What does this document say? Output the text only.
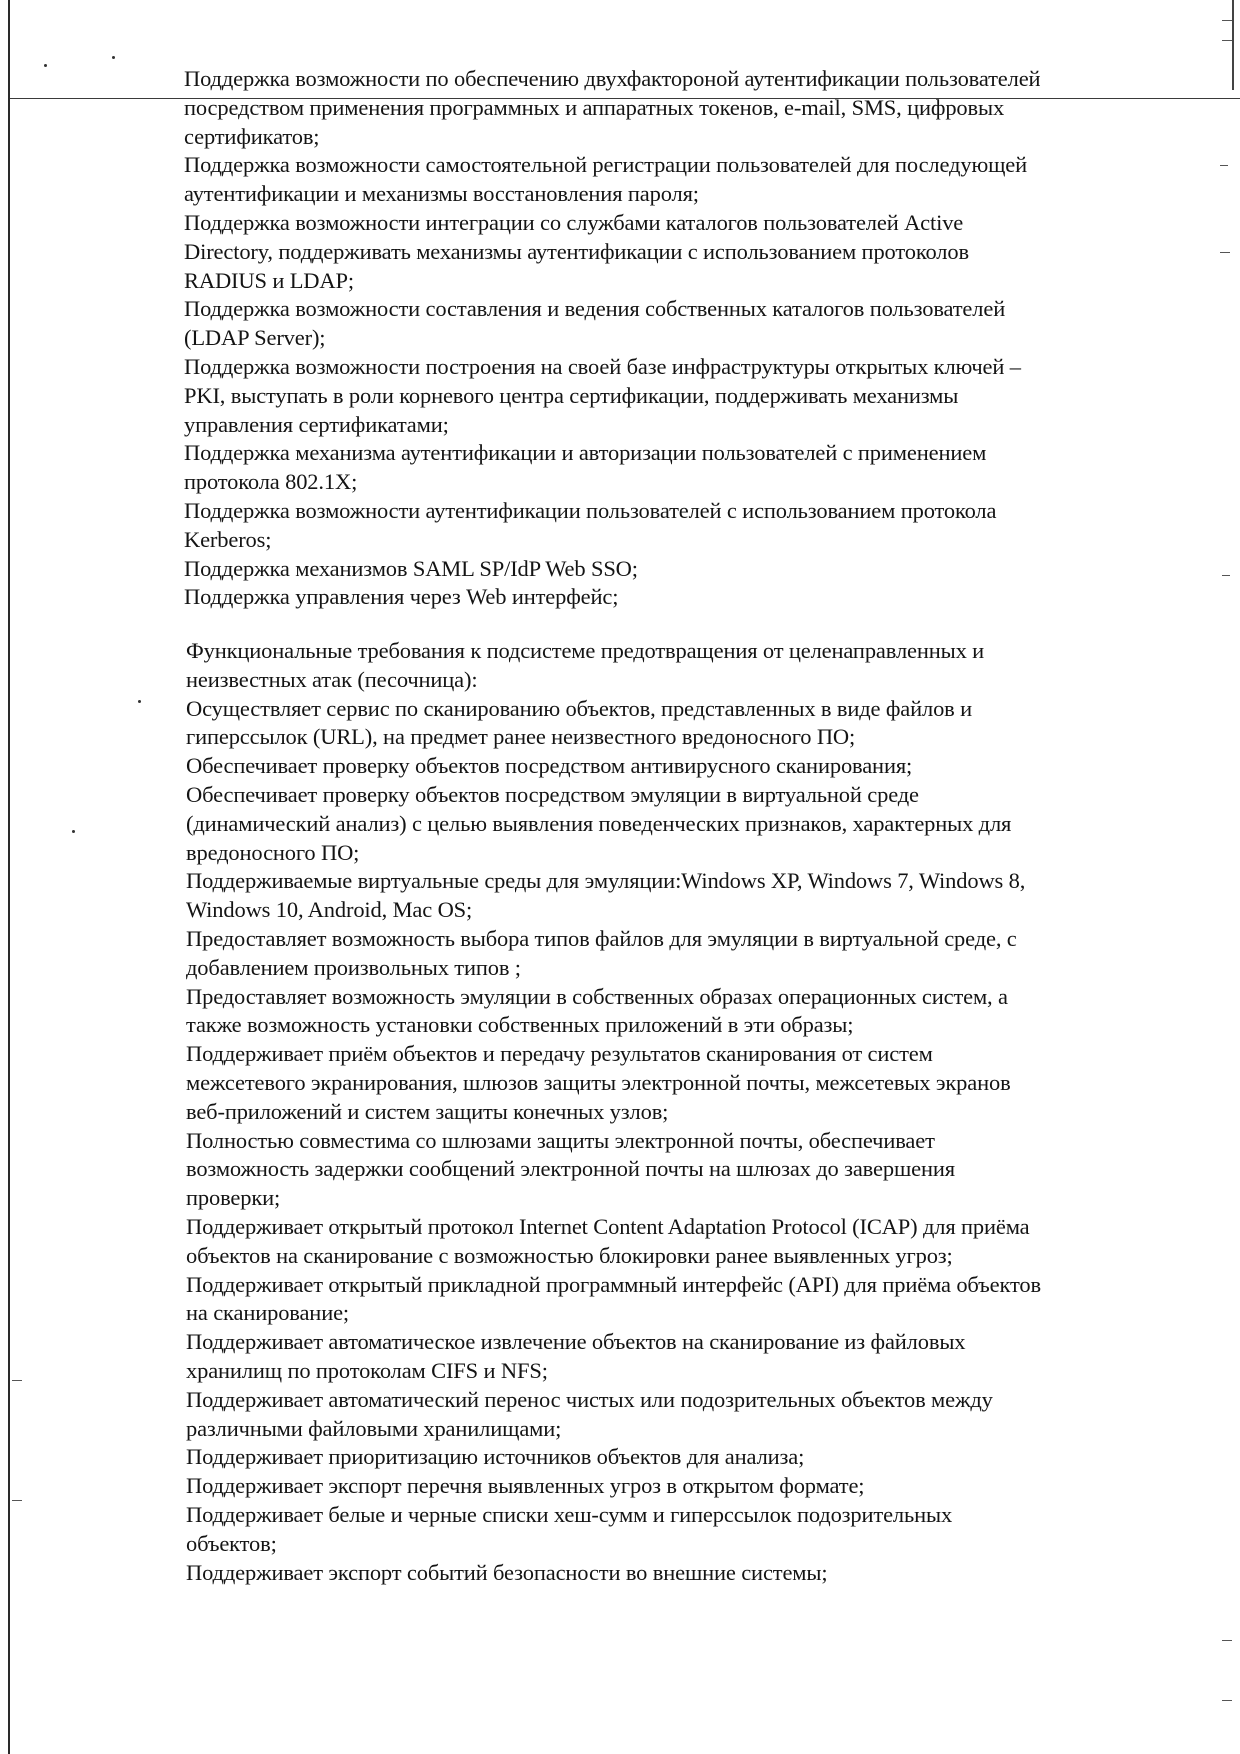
Поддержка возможности по обеспечению двухфактороной аутентификации пользователей
посредством применения программных и аппаратных токенов, e-mail, SMS, цифровых
сертификатов;
Поддержка возможности самостоятельной регистрации пользователей для последующей
аутентификации и механизмы восстановления пароля;
Поддержка возможности интеграции со службами каталогов пользователей Active
Directory, поддерживать механизмы аутентификации с использованием протоколов
RADIUS и LDAP;
Поддержка возможности составления и ведения собственных каталогов пользователей
(LDAP Server);
Поддержка возможности построения на своей базе инфраструктуры открытых ключей –
PKI, выступать в роли корневого центра сертификации, поддерживать механизмы
управления сертификатами;
Поддержка механизма аутентификации и авторизации пользователей с применением
протокола 802.1X;
Поддержка возможности аутентификации пользователей с использованием протокола
Kerberos;
Поддержка механизмов SAML SP/IdP Web SSO;
Поддержка управления через Web интерфейс;
Функциональные требования к подсистеме предотвращения от целенаправленных и
неизвестных атак (песочница):
Осуществляет сервис по сканированию объектов, представленных в виде файлов и
гиперссылок (URL), на предмет ранее неизвестного вредоносного ПО;
Обеспечивает проверку объектов посредством антивирусного сканирования;
Обеспечивает проверку объектов посредством эмуляции в виртуальной среде
(динамический анализ) с целью выявления поведенческих признаков, характерных для
вредоносного ПО;
Поддерживаемые виртуальные среды для эмуляции:Windows XP, Windows 7, Windows 8,
Windows 10, Android, Mac OS;
Предоставляет возможность выбора типов файлов для эмуляции в виртуальной среде, с
добавлением произвольных типов ;
Предоставляет возможность эмуляции в собственных образах операционных систем, а
также возможность установки собственных приложений в эти образы;
Поддерживает приём объектов и передачу результатов сканирования от систем
межсетевого экранирования, шлюзов защиты электронной почты, межсетевых экранов
веб-приложений и систем защиты конечных узлов;
Полностью совместима со шлюзами защиты электронной почты, обеспечивает
возможность задержки сообщений электронной почты на шлюзах до завершения
проверки;
Поддерживает открытый протокол Internet Content Adaptation Protocol (ICAP) для приёма
объектов на сканирование с возможностью блокировки ранее выявленных угроз;
Поддерживает открытый прикладной программный интерфейс (API) для приёма объектов
на сканирование;
Поддерживает автоматическое извлечение объектов на сканирование из файловых
хранилищ по протоколам CIFS и NFS;
Поддерживает автоматический перенос чистых или подозрительных объектов между
различными файловыми хранилищами;
Поддерживает приоритизацию источников объектов для анализа;
Поддерживает экспорт перечня выявленных угроз в открытом формате;
Поддерживает белые и черные списки хеш-сумм и гиперссылок подозрительных
объектов;
Поддерживает экспорт событий безопасности во внешние системы;
